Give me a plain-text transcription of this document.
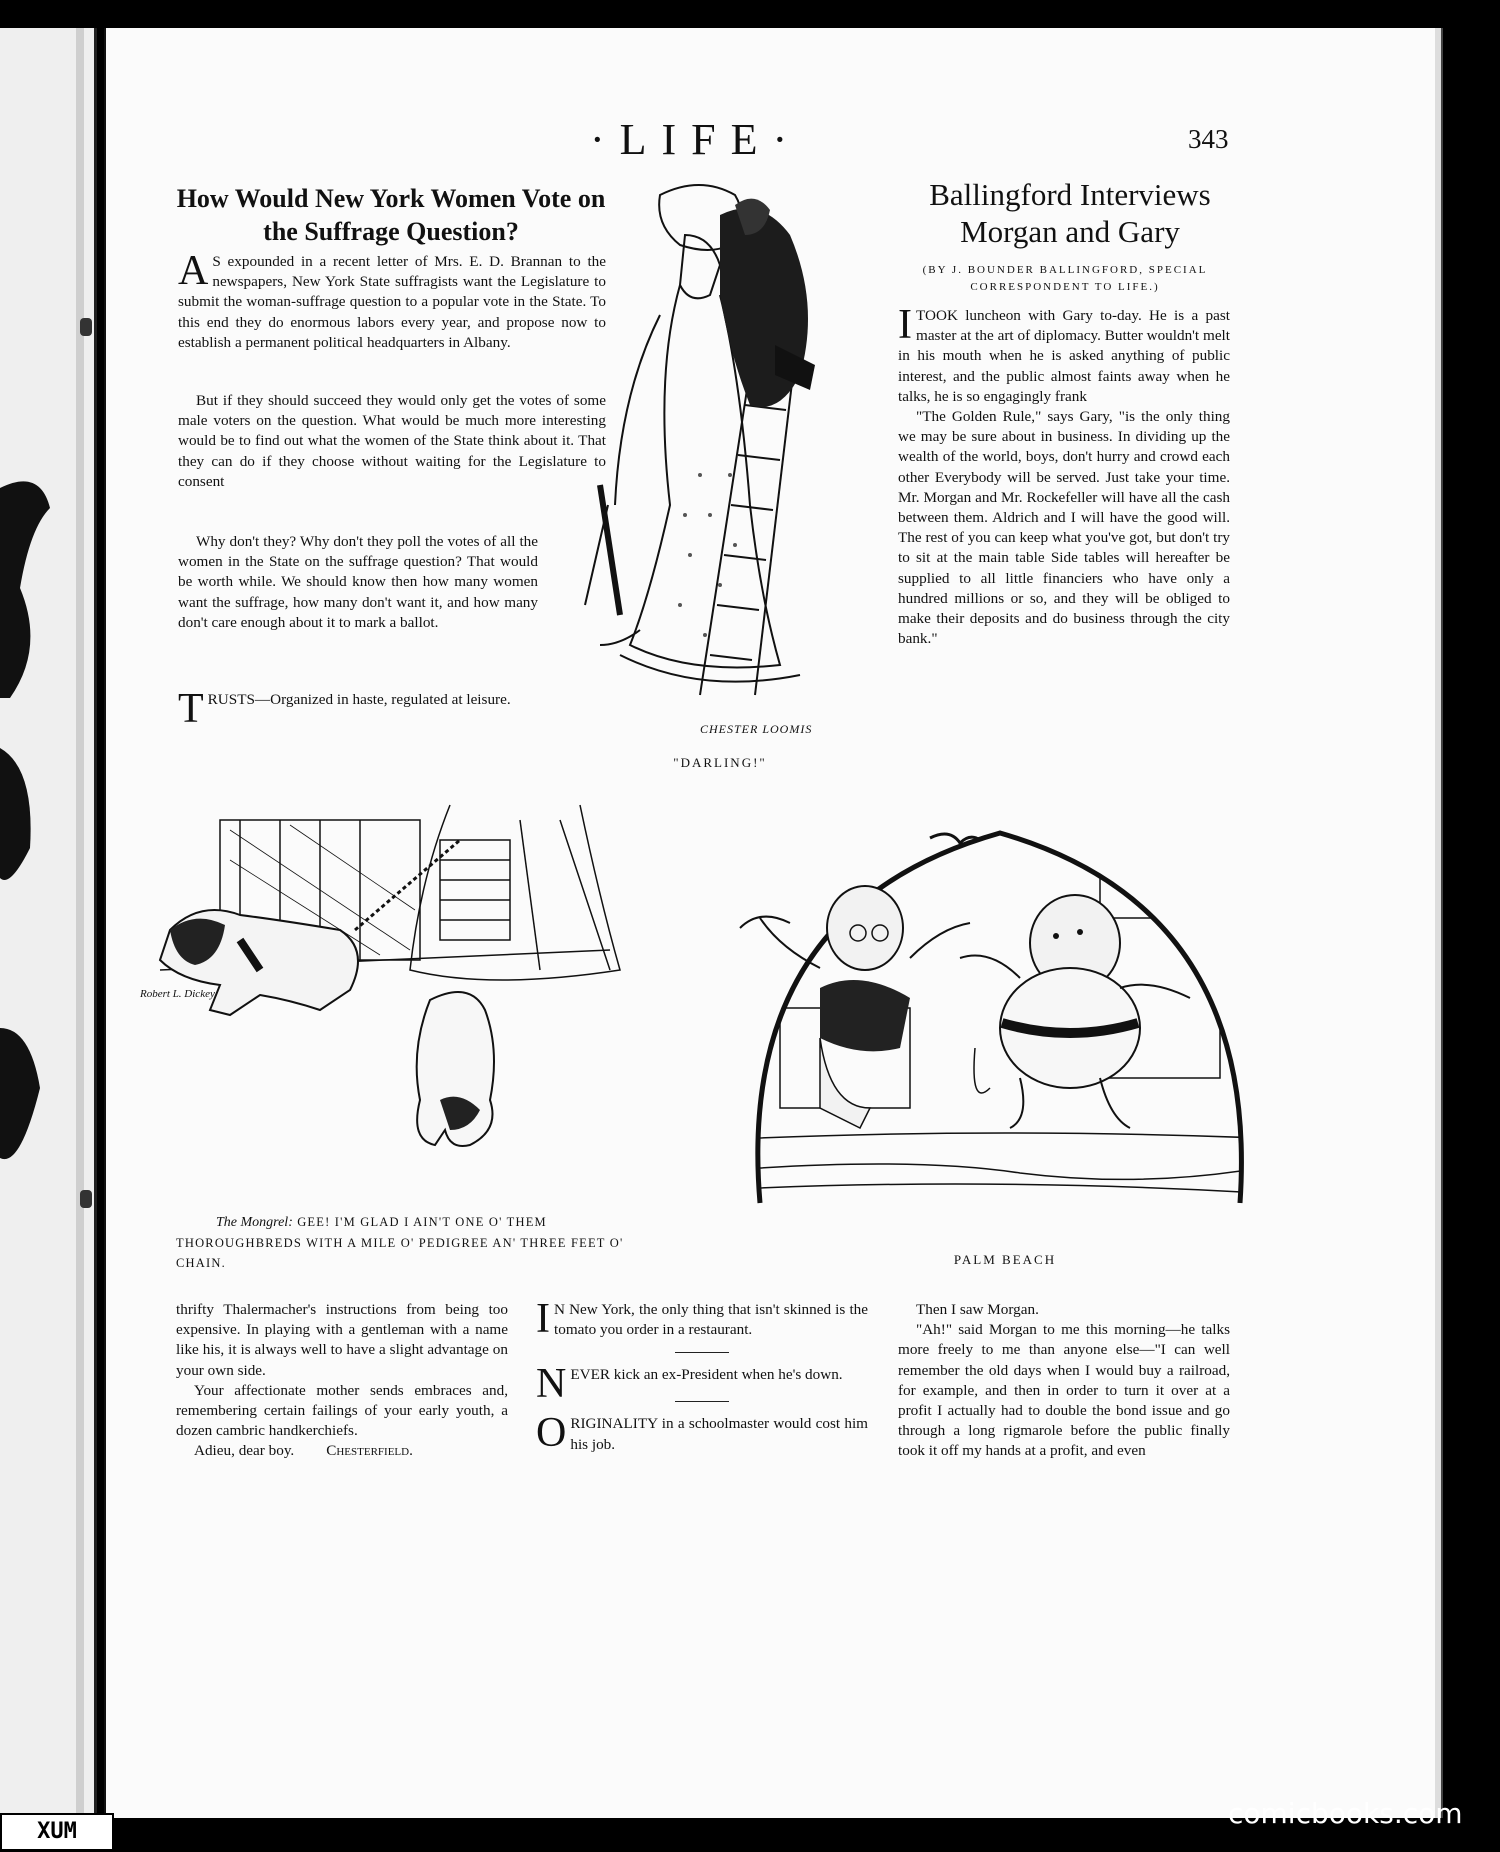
·LIFE·	343
How Would New York Women Vote on the Suffrage Question?

A S expounded in a recent letter of Mrs. E. D. Brannan to the newspapers, New York State suffragists want the Legislature to submit the woman-suffrage question to a popular vote in the State. To this end they do enormous labors every year, and propose now to establish a permanent political headquarters in Albany.

But if they should succeed they would only get the votes of some male voters on the question. What would be much more interesting would be to find out what the women of the State think about it. That they can do if they choose without waiting for the Legislature to consent

Why don't they? Why don't they poll the votes of all the women in the State on the suffrage question? That would be worth while. We should know then how many women want the suffrage, how many don't want it, and how many don't care enough about it to mark a ballot.

TRUSTS—Organized in haste, regulated at leisure.

CHESTER LOOMIS
"DARLING!"
Ballingford Interviews Morgan and Gary
(BY J. BOUNDER BALLINGFORD, SPECIAL CORRESPONDENT TO LIFE.)

ITOOK luncheon with Gary to-day. He is a past master at the art of diplomacy. Butter wouldn't melt in his mouth when he is asked anything of public interest, and the public almost faints away when he talks, he is so engagingly frank

"The Golden Rule," says Gary, "is the only thing we may be sure about in business. In dividing up the wealth of the world, boys, don't hurry and crowd each other Everybody will be served. Just take your time. Mr. Morgan and Mr. Rockefeller will have all the cash between them. Aldrich and I will have the good will. The rest of you can keep what you've got, but don't try to sit at the main table Side tables will hereafter be supplied to all little financiers who have only a hundred millions or so, and they will be obliged to make their deposits and do business through the city bank."

Robert L. Dickey
The Mongrel: GEE! I'M GLAD I AIN'T ONE O' THEM THOROUGHBREDS WITH A MILE O' PEDIGREE AN' THREE FEET O' CHAIN.	PALM BEACH

thrifty Thalermacher's instructions from being too expensive. In playing with a gentleman with a name like his, it is always well to have a slight advantage on your own side.

Your affectionate mother sends embraces and, remembering certain failings of your early youth, a dozen cambric handkerchiefs.

Adieu, dear boy. Chesterfield.

I N New York, the only thing that isn't skinned is the tomato you order in a restaurant.

NEVER kick an ex-President when he's down.

ORIGINALITY in a schoolmaster would cost him his job.

Then I saw Morgan.

"Ah!" said Morgan to me this morning—he talks more freely to me than anyone else—"I can well remember the old days when I would buy a railroad, for example, and then in order to turn it over at a profit I actually had to double the bond issue and go through a long rigmarole before the public finally took it off my hands at a profit, and even

XUM
comicbooks.com
